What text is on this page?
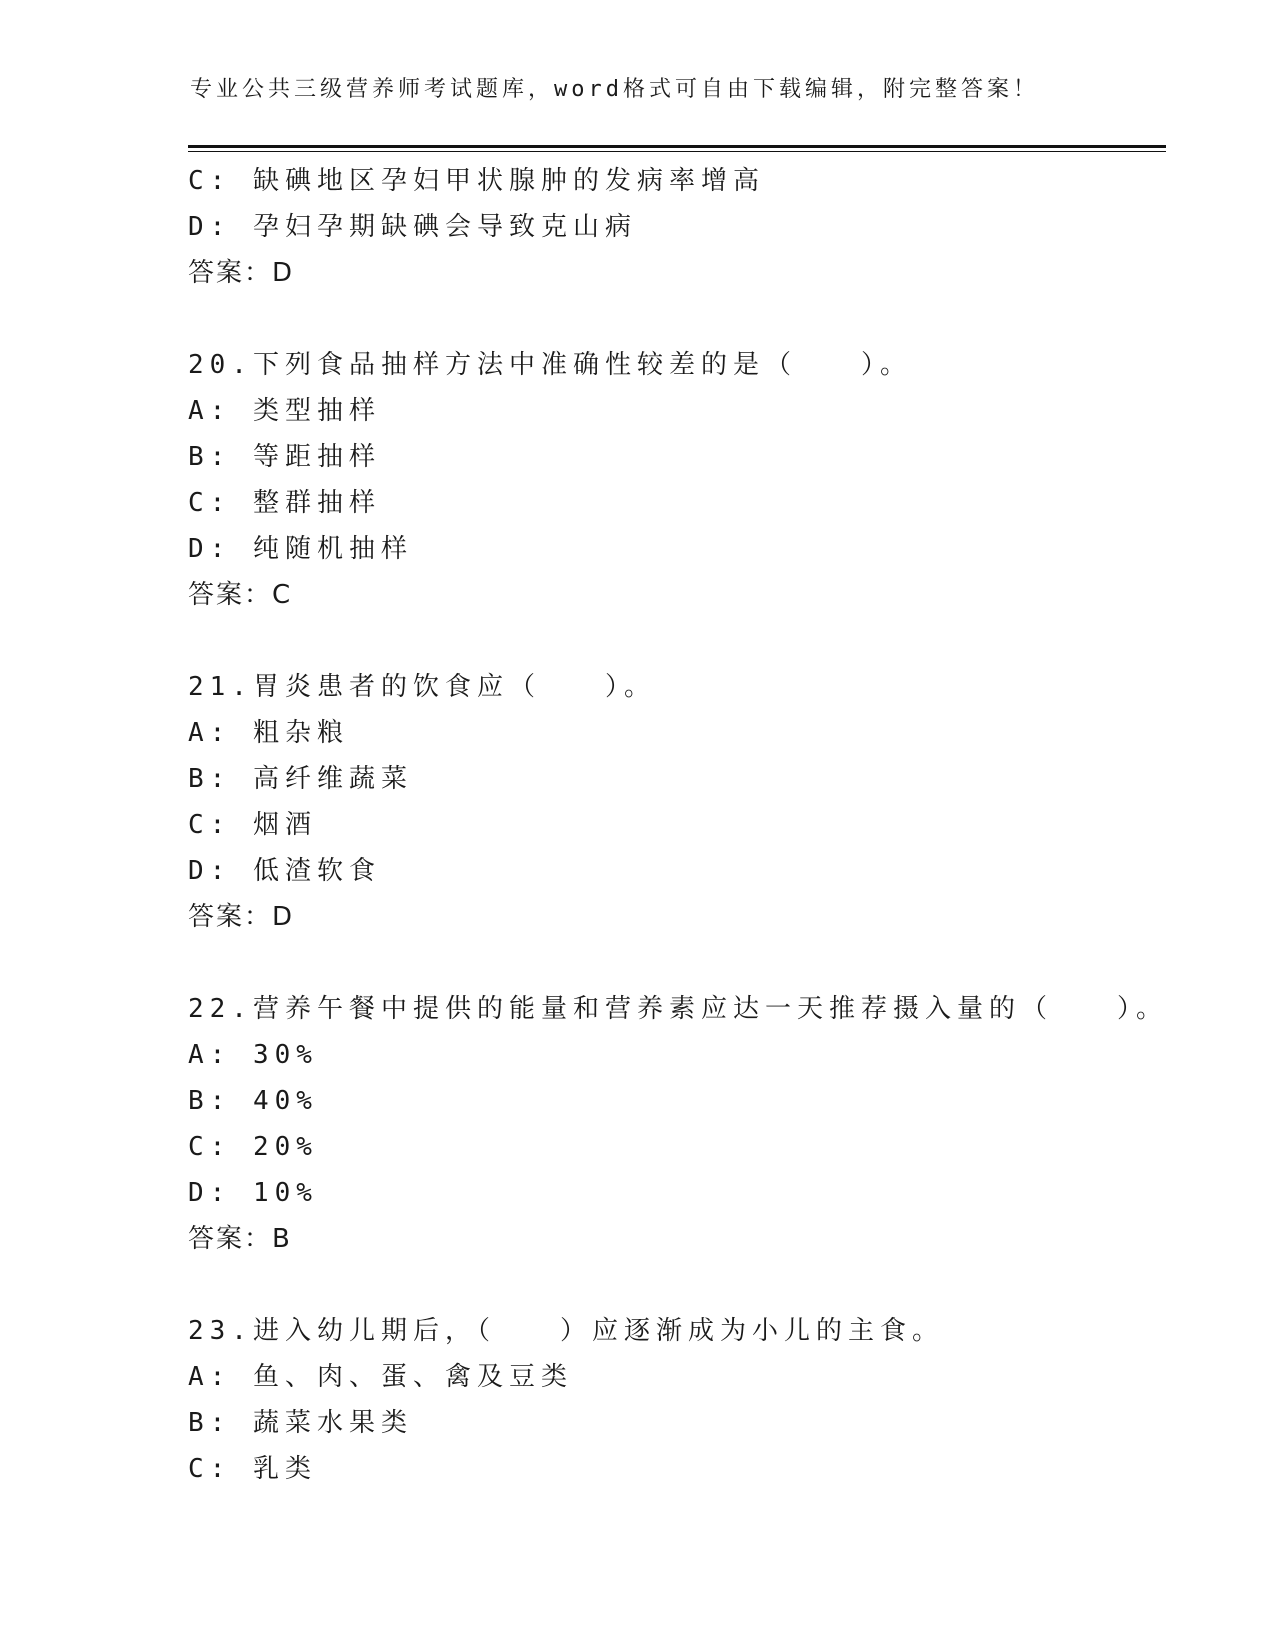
专业公共三级营养师考试题库，word格式可自由下载编辑，附完整答案！
C: 缺碘地区孕妇甲状腺肿的发病率增高
D: 孕妇孕期缺碘会导致克山病
答案：D
20.下列食品抽样方法中准确性较差的是（　　）。
A: 类型抽样
B: 等距抽样
C: 整群抽样
D: 纯随机抽样
答案：C
21.胃炎患者的饮食应（　　）。
A: 粗杂粮
B: 高纤维蔬菜
C: 烟酒
D: 低渣软食
答案：D
22.营养午餐中提供的能量和营养素应达一天推荐摄入量的（　　）。
A: 30%
B: 40%
C: 20%
D: 10%
答案：B
23.进入幼儿期后，（　　）应逐渐成为小儿的主食。
A: 鱼、肉、蛋、禽及豆类
B: 蔬菜水果类
C: 乳类
